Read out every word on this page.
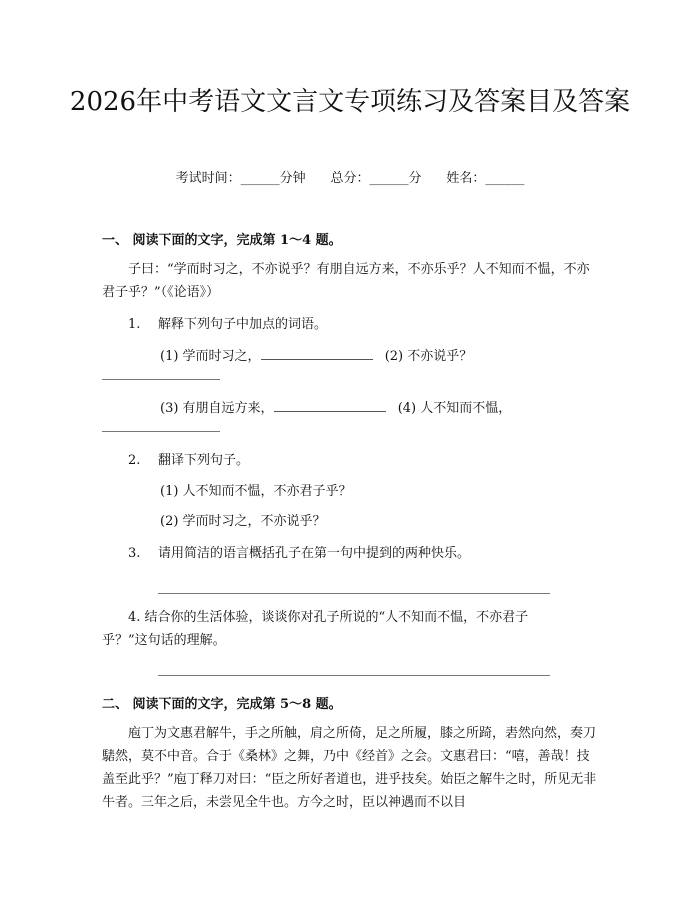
2026年中考语文文言文专项练习及答案目及答案
考试时间：______分钟 总分：______分 姓名：______
一、 阅读下面的文字，完成第 1～4 题。

子曰：“学而时习之，不亦说乎？有朋自远方来，不亦乐乎？人不知而不愠，不亦君子乎？”（《论语》）

1. 解释下列句子中加点的词语。
(1) 学而时习之，	(2) 不亦说乎？
(3) 有朋自远方来，	(4) 人不知而不愠，
2. 翻译下列句子。
(1) 人不知而不愠，不亦君子乎？
(2) 学而时习之，不亦说乎？
3. 请用简洁的语言概括孔子在第一句中提到的两种快乐。

4. 结合你的生活体验，谈谈你对孔子所说的“人不知而不愠，不亦君子乎？”这句话的理解。

二、 阅读下面的文字，完成第 5～8 题。

庖丁为文惠君解牛，手之所触，肩之所倚，足之所履，膝之所踦，砉然向然，奏刀騞然，莫不中音。合于《桑林》之舞，乃中《经首》之会。文惠君曰：“嘻，善哉！技盖至此乎？”庖丁释刀对曰：“臣之所好者道也，进乎技矣。始臣之解牛之时，所见无非牛者。三年之后，未尝见全牛也。方今之时，臣以神遇而不以目
